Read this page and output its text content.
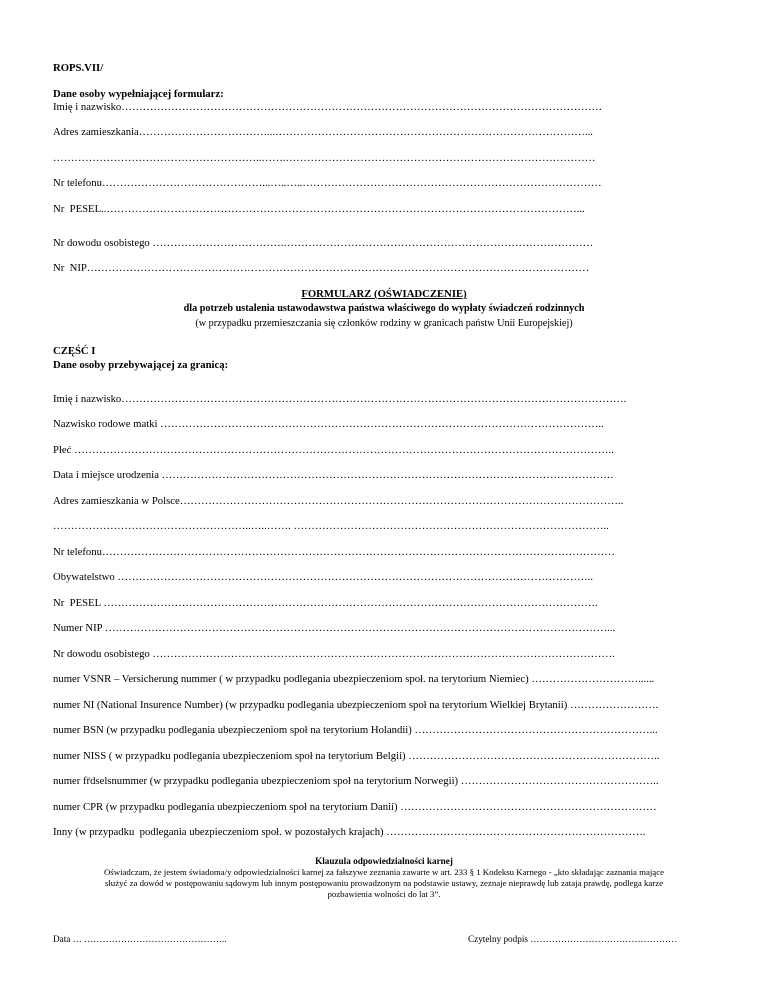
ROPS.VII/
Dane osoby wypełniającej formularz:
Imię i nazwisko………………………………………………………………………………………………………………………
Adres zamieszkania………………………………...……………………………………………………………………………...
…………………………………………………..…….……………………………………………………………………………
Nr telefonu………………………………………...…..…..…………………………………………………………………………
Nr  PESEL..……………………………………………………………………………………………………………………...
Nr dowodu osobistego ……………………………….……………………………………………………………………………
Nr  NIP……………………………………………………………………………………………………………………………
FORMULARZ (OŚWIADCZENIE)
dla potrzeb ustalenia ustawodawstwa państwa właściwego do wypłaty świadczeń rodzinnych
(w przypadku przemieszczania się członków rodziny w granicach państw Unii Europejskiej)
CZĘŚĆ I
Dane osoby przebywającej za granicą:
Imię i nazwisko…………………………………………………………………………………………………………………………….
Nazwisko rodowe matki ……………………………………………………………………………………………………………..
Płeć ……………………………………………………………………………………………………………………………………..
Data i miejsce urodzenia ……………………………………………………………………………………………………………….
Adres zamieszkania w Polsce……………………………………………………………………………………………………………..
………………………………………………..…..……. ……………………………………………………………………………..
Nr telefonu………………………………………………………………………………………………………………………………
Obywatelstwo ……………………………………………………………………………………………………………………..
Nr  PESEL ………………………………………………………………………………………………………………………….
Numer NIP ……………………………………………………………………………………………………………………………...
Nr dowodu osobistego ………………………………………………………………………………………………………………….
numer VSNR – Versicherung nummer ( w przypadku podlegania ubezpieczeniom społ. na terytorium Niemiec) …………………………......
numer NI (National Insurence Number) (w przypadku podlegania ubezpieczeniom społ na terytorium Wielkiej Brytanii) …………………….
numer BSN (w przypadku podlegania ubezpieczeniom społ na terytorium Holandii) …………………………………………………………...
numer NISS ( w przypadku podlegania ubezpieczeniom społ na terytorium Belgii) ……………………………………………………………..
numer fr̈dselsnummer (w przypadku podlegania ubezpieczeniom społ na terytorium Norwegii) ………………………………………………..
numer CPR (w przypadku podlegania ubezpieczeniom społ na terytorium Danii) ………………………………………………………………
Inny (w przypadku  podlegania ubezpieczeniom społ. w pozostałych krajach) ……………………………………………………………….
Klauzula odpowiedzialności karnej
Oświadczam, że jestem świadoma/y odpowiedzialności karnej za fałszywe zeznania zawarte w art. 233 § 1 Kodeksu Karnego - „kto składając zaznania mające
służyć za dowód w postępowaniu sądowym lub innym postępowaniu prowadzonym na podstawie ustawy, zeznaje nieprawdę lub zataja prawdę, podlega karze
pozbawienia wolności do lat 3”.
Data … ………………………………………..	Czytelny podpis …………………………………………
